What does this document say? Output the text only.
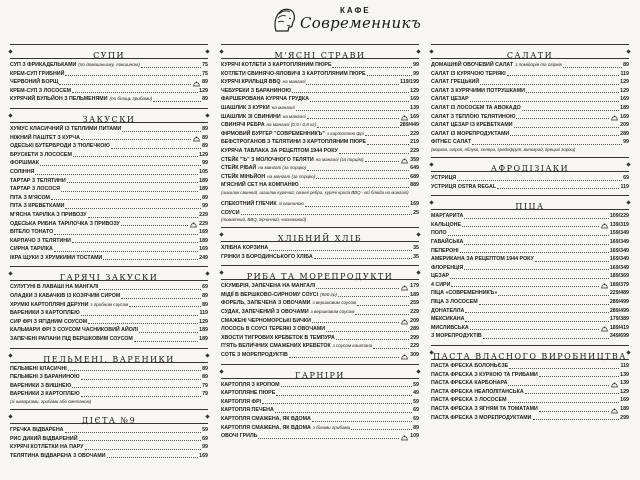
КАФЕ
Современникъ
СУПИ
СУП З ФРИКАДЕЛЬКАМИ (по домашньому, локшиною)	75
КРЕМ-СУП ГРИБНИЙ	75
ЧЕРВОНИЙ БОРЩ	89
КРЕМ-СУП З ЛОСОСЕМ	129
КУРЯЧИЙ БУЛЬЙОН З ПЕЛЬМЕНЯМИ (по білиць грибами)	89
ЗАКУСКИ
ХУМУС КЛАСИЧНИЙ ІЗ ТЕПЛИМИ ПИТАМИ	89
НІЖНИЙ ПАШТЕТ З КУРЧА	89
ОДЕСЬКІ БУТЕРБРОДИ З ТЮЛЕЧКОЮ	89
БРУСКЕТИ З ЛОСОСЕМ	129
ФОРШМАК	99
СОЛIННЯ	105
ТАРТАР З ТЕЛЯТИНИ	189
ТАРТАР З ЛОСОСЯ	189
ПІТА З М'ЯСОМ	89
ПІТА З КРЕВЕТКАМИ	99
М'ЯСНА ТАРІЛКА З ПРИВОЗУ	229
ОДЕСЬКА РИБНА ТАРІЛОЧКА З ПРИВОЗУ	229
ВІТЕЛО ТОНАТО	169
КАРПАЧО З ТЕЛЯТИНИ	189
СИРНА ТАРІЛКА	169
ІКРА ЩУКИ З ХРУМКИМИ ТОСТАМИ	249
ГАРЯЧІ ЗАКУСКИ
СУЛУГУНІ В ЛАВАШІ НА МАНГАЛІ	69
ОЛАДКИ З КАБАЧКІВ ІЗ КОЗЯЧИМ СИРОМ	89
ХРУМКІ КАРТОПЛЯНІ ДЕРУНИ з грибним соусом	89
ВАРЕНИКИ З КАРТОПЛЕЮ	119
СИР ФРІ З ЯГІДНИМ СОУСОМ	129
КАЛЬМАРИ ФРІ З СОУСОМ ЧАСНИКОВИЙ АЙОЛІ	189
ЗАПЕЧЕНІ РАПАНИ ПІД ВЕРШКОВИМ СОУСОМ	189
ПЕЛЬМЕНІ, ВАРЕНИКИ
ПЕЛЬМЕНІ КЛАСИЧНІ	89
ПЕЛЬМЕНІ З БАРАНИНОЮ	89
ВАРЕНИКИ З ВИШНЕЮ	79
ВАРЕНИКИ З КАРТОПЛЕЮ	79
(зі шкварками, грибами або сметаною)
ДІЄТА №9
ГРЕЧКА ВІДВАРЕНА	59
РИС ДИКИЙ ВІДВАРЕНИЙ	69
КУРЯЧІ КОТЛЕТКИ НА ПАРУ	99
ТЕЛЯТИНА ВІДВАРЕНА З ОВОЧАМИ	169
М'ЯСНІ СТРАВИ
КУРЯЧІ КОТЛЕТИ З КАРТОПЛЯНИМ ПЮРЕ	99
КОТЛЕТИ СВИНЯЧО-ЯЛОВИЧІ З КАРТОПЛЯНИМ ПЮРЕ	99
КУРЯЧІ КРИЛЬЦЯ BBQ на мангалі	119/199
ЧЕБУРЕКИ З БАРАНИНОЮ	129
ФАРШЕРОВАНА КУРЯЧА ГРУДКА	169
ШАШЛИК З КУРКИ на мангалі	139
ШАШЛИК ЗІ СВИНИНИ на мангалі	169
СВИНЯЧІ РЕБРА на мангалі (0,5 / 0,8 кг)	289/449
ФІРМОВИЙ БУРГЕР "СОВРЕМЕННИКЪ" з картоплею фрі	229
БЕФСТРОГАНОВ З ТЕЛЯТИНИ З КАРТОПЛЯНИМ ПЮРЕ	219
КУРЯЧА ТАБЛАКА ЗА РЕЦЕПТОМ 1944 РОКУ	229
СТЕЙК "Ъ" З МОЛОЧНОГО ТЕЛЯТИ на мангалі (за порцію)	359
СТЕЙК РІБАЙ на мангалі (за порцію)	649
СТЕЙК МІНЬЙОН на мангалі (за порцію)	689
М'ЯСНИЙ СЕТ НА КОМПАНІЮ	889
(шашлик свинний, шашлик курячий, свинні ребра, курячі крила BBQ - всі блюда на мангалі)
СПЕКОТНИЙ ГЛЕЧИК зі свининою	169
СОУСИ	25
(томатний, BBQ, гірчичний, часниковий)
ХЛІБНИЙ ХЛІБ
ХЛІБНА КОРЗИНА	35
ГРІНКИ З БОРОДИНСЬКОГО ХЛІБА	35
РИБА ТА МОРЕПРОДУКТИ
СКУМБРІЯ, ЗАПЕЧЕНА НА МАНГАЛІ	179
МІДІЇ В ВЕРШКОВО-СИРНОМУ СОУСІ (500 гр)	189
ФОРЕЛЬ, ЗАПЕЧЕНА З ОВОЧАМИ з вершковим соусом	259
СУДАК, ЗАПЕЧЕНИЙ З ОВОЧАМИ з вершковим соусом	229
СМАЖЕНІ ЧЕРНОМОРСЬКІ БИЧКИ	209
ЛОСОСЬ В СОУСІ ТЕРЕЯКІ З ОВОЧАМИ	289
ХВОСТИ ТИГРОВИХ КРЕВЕТОК В ТЕМПУРА	299
П'ЯТЬ ВЕЛИЧНИХ СМАЖЕНИХ КРЕВЕТОК з соусом каштана	229
СОТЕ З МОРЕПРОДУКТІВ	309
ГАРНІРИ
КАРТОПЛЯ З КРОПОМ	59
КАРТОПЛЯНЕ ПЮРЕ	49
КАРТОПЛЯ ФРІ	59
КАРТОПЛЯ ПЕЧЕНА	69
КАРТОПЛЯ СМАЖЕНА, ЯК ВДОМА	69
КАРТОПЛЯ СМАЖЕНА, ЯК ВДОМА з білими грибами	89
ОВОЧІ ГРИЛЬ	109
САЛАТИ
ДОМАШНІЙ ОВОЧЕВИЙ САЛАТ з помідорів та огірків	89
САЛАТ ІЗ КУРЯЧОЮ ТЕРІЯКІ	119
САЛАТ ГРЕЦЬКИЙ	129
САЛАТ З КУРЯЧИМИ ПОТРУШКАМИ	129
САЛАТ ЦЕЗАР	169
САЛАТ ІЗ ЛОСОСЕМ ТА АВОКАДО	189
САЛАТ З ТЕПЛОЮ ТЕЛЯТИНОЮ	169
САЛАТ ЦЕЗАР ІЗ КРЕВЕТКАМИ	209
САЛАТ ІЗ МОРЕПРОДУКТАМИ	289
ФІТНЕС САЛАТ	99
(морква, огірок, яблуко, селера, грейпфрут, виноград, грецькі горіхи)
АФРОДІЗІАКИ
УСТРИЦЯ	69
УСТРИЦЯ OSTRA REGAL	119
ПІЦА
МАРГАРИТА	109/229
КАЛЬЦОНЕ	139/319
ПОЛО	159/349
ГАВАЙСЬКА	169/349
ПЕПЕРОНІ	169/349
АМЕРИКАНА ЗА РЕЦЕПТОМ 1944 РОКУ	169/349
ФЛОРЕНЦІЯ	169/349
ЦЕЗАР	189/369
4 СИРИ	189/379
ПІЦА «СОВРЕМЕННИКЪ»	229/489
ПІЦА З ЛОСОСЕМ	289/499
ДОНАТЕЛЛА	289/499
МЕКСИКАНА	179/389
МИСЛИВСЬКА	189/419
З МОРЕПРОДУКТІВ	349/699
ПАСТА ВЛАСНОГО ВИРОБНИЦТВА
ПАСТА ФРЕСКА БОЛОНЬЄЗЕ	119
ПАСТА ФРЕСКА З КУРКОЮ ТА ГРИБАМИ	139
ПАСТА ФРЕСКА КАРБОНАРА	139
ПАСТА ФРЕСКА НЕАПОЛІТАНСЬКА	129
ПАСТА ФРЕСКА З ЛОСОСЕМ	169
ПАСТА ФРЕСКА З ЯГНЯМ ТА ТОМАТАМИ	189
ПАСТА ФРЕСКА З МОРЕПРОДУКТАМИ	299
